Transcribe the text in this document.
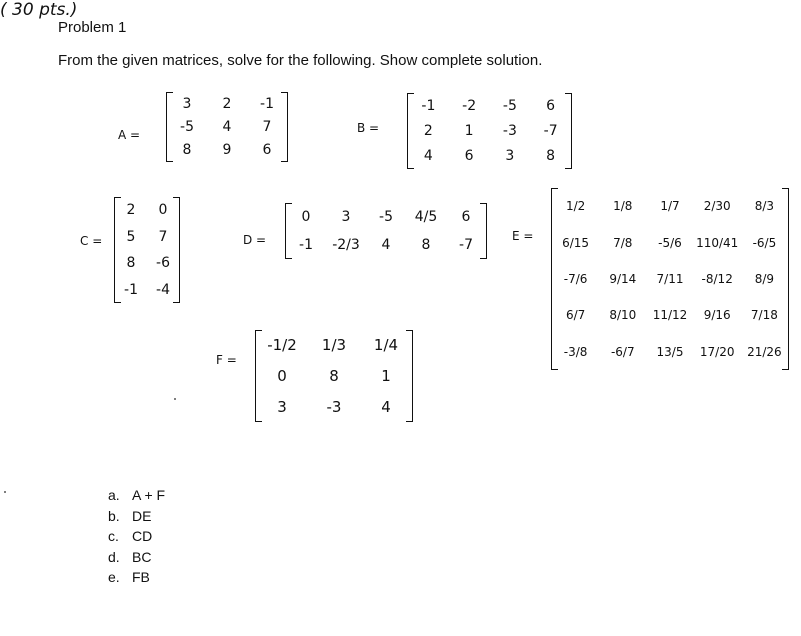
Problem 1
From the given matrices, solve for the following. Show complete solution.
( 30 pts.)
A =
3 2 -1
-5 4 7
8 9 6
B =
-1 -2 -5 6
2 1 -3 -7
4 6 3 8
C =
2 0
5 7
8 -6
-1 -4
D =
0 3 -5 4/5 6
-1 -2/3 4 8 -7
E =
1/2 1/8 1/7 2/30 8/3
6/15 7/8 -5/6 110/41 -6/5
-7/6 9/14 7/11 -8/12 8/9
6/7 8/10 11/12 9/16 7/18
-3/8 -6/7 13/5 17/20 21/26
F =
-1/2 1/3 1/4
0	8	1
3	-3	4
a. A + F
b. DE
c. CD
d. BC
e. FB
